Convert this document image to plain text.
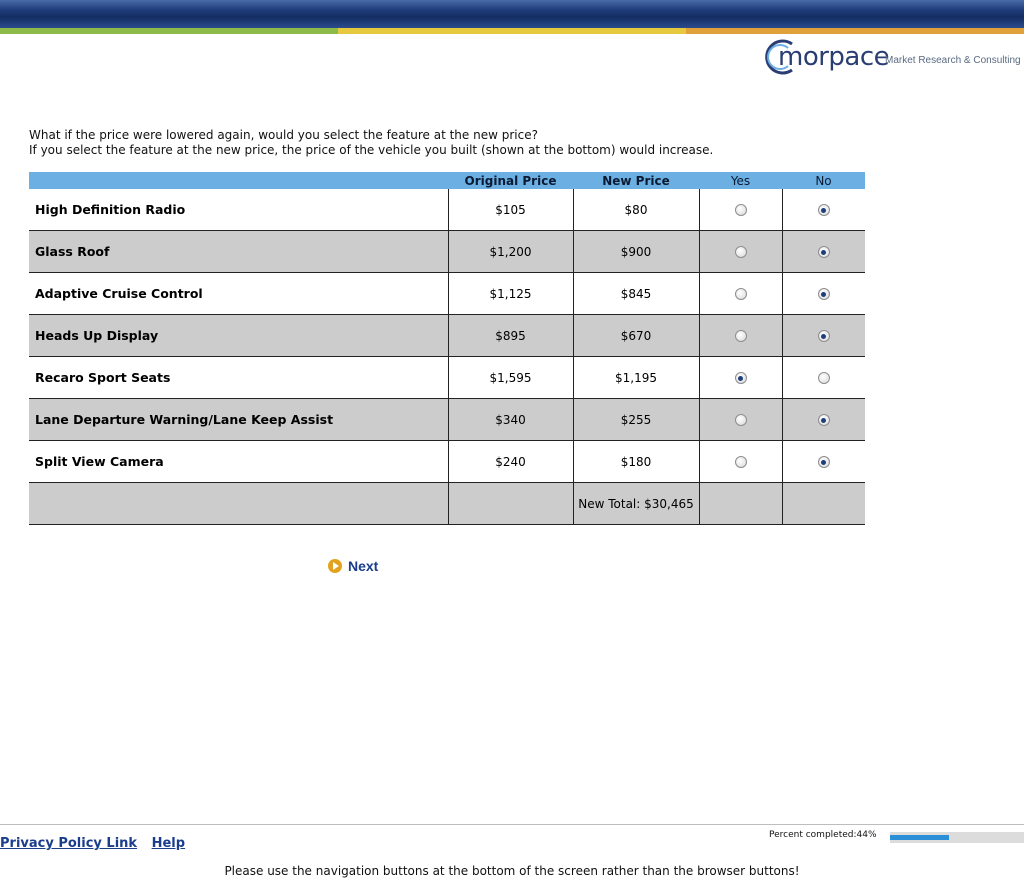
morpace
Market Research & Consulting
What if the price were lowered again, would you select the feature at the new price?
If you select the feature at the new price, the price of the vehicle you built (shown at the bottom) would increase.
	Original Price	New Price	Yes	No
High Definition Radio	$105	$80		
Glass Roof	$1,200	$900		
Adaptive Cruise Control	$1,125	$845		
Heads Up Display	$895	$670		
Recaro Sport Seats	$1,595	$1,195		
Lane Departure Warning/Lane Keep Assist	$340	$255		
Split View Camera	$240	$180		
		New Total: $30,465		
Next
Privacy Policy Link Help
Percent completed:44%
Please use the navigation buttons at the bottom of the screen rather than the browser buttons!
